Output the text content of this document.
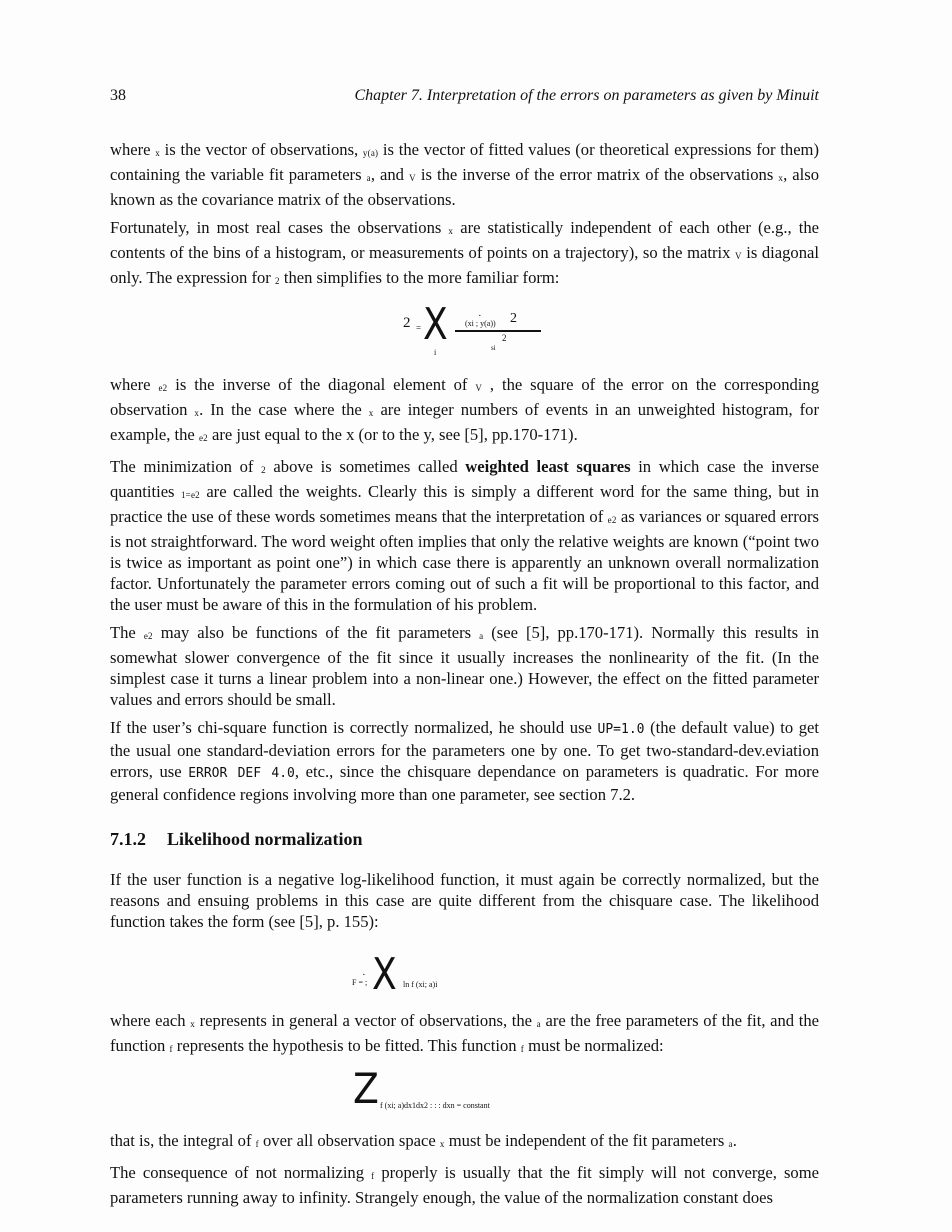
38	Chapter 7. Interpretation of the errors on parameters as given by Minuit

where x is the vector of observations, y(a) is the vector of fitted values (or theoretical expressions for them) containing the variable fit parameters a, and V is the inverse of the error matrix of the observations x, also known as the covariance matrix of the observations.

Fortunately, in most real cases the observations x are statistically independent of each other (e.g., the contents of the bins of a histogram, or measurements of points on a trajectory), so the matrix V is diagonal only. The expression for 2 then simplifies to the more familiar form:

2 = X
i
·
(xi ; y(a)) 2
2
si

where e2 is the inverse of the diagonal element of V , the square of the error on the corresponding observation x. In the case where the x are integer numbers of events in an unweighted histogram, for example, the e2 are just equal to the x (or to the y, see [5], pp.170-171).

The minimization of 2 above is sometimes called weighted least squares in which case the inverse quantities 1=e2 are called the weights. Clearly this is simply a different word for the same thing, but in practice the use of these words sometimes means that the interpretation of e2 as variances or squared errors is not straightforward. The word weight often implies that only the relative weights are known (“point two is twice as important as point one”) in which case there is apparently an unknown overall normalization factor. Unfortunately the parameter errors coming out of such a fit will be proportional to this factor, and the user must be aware of this in the formulation of his problem.

The e2 may also be functions of the fit parameters a (see [5], pp.170-171). Normally this results in somewhat slower convergence of the fit since it usually increases the nonlinearity of the fit. (In the simplest case it turns a linear problem into a non-linear one.) However, the effect on the fitted parameter values and errors should be small.

If the user’s chi-square function is correctly normalized, he should use UP=1.0 (the default value) to get the usual one standard-deviation errors for the parameters one by one. To get two-standard-dev.eviation errors, use ERROR DEF 4.0, etc., since the chisquare dependance on parameters is quadratic. For more general confidence regions involving more than one parameter, see section 7.2.

7.1.2 Likelihood normalization

If the user function is a negative log-likelihood function, it must again be correctly normalized, but the reasons and ensuing problems in this case are quite different from the chisquare case. The likelihood function takes the form (see [5], p. 155):

F = ;
· X ln f (xi; a)i

where each x represents in general a vector of observations, the a are the free parameters of the fit, and the function f represents the hypothesis to be fitted. This function f must be normalized:

Z f (xi; a)dx1dx2 : : : dxn = constant

that is, the integral of f over all observation space x must be independent of the fit parameters a.

The consequence of not normalizing f properly is usually that the fit simply will not converge, some parameters running away to infinity. Strangely enough, the value of the normalization constant does
